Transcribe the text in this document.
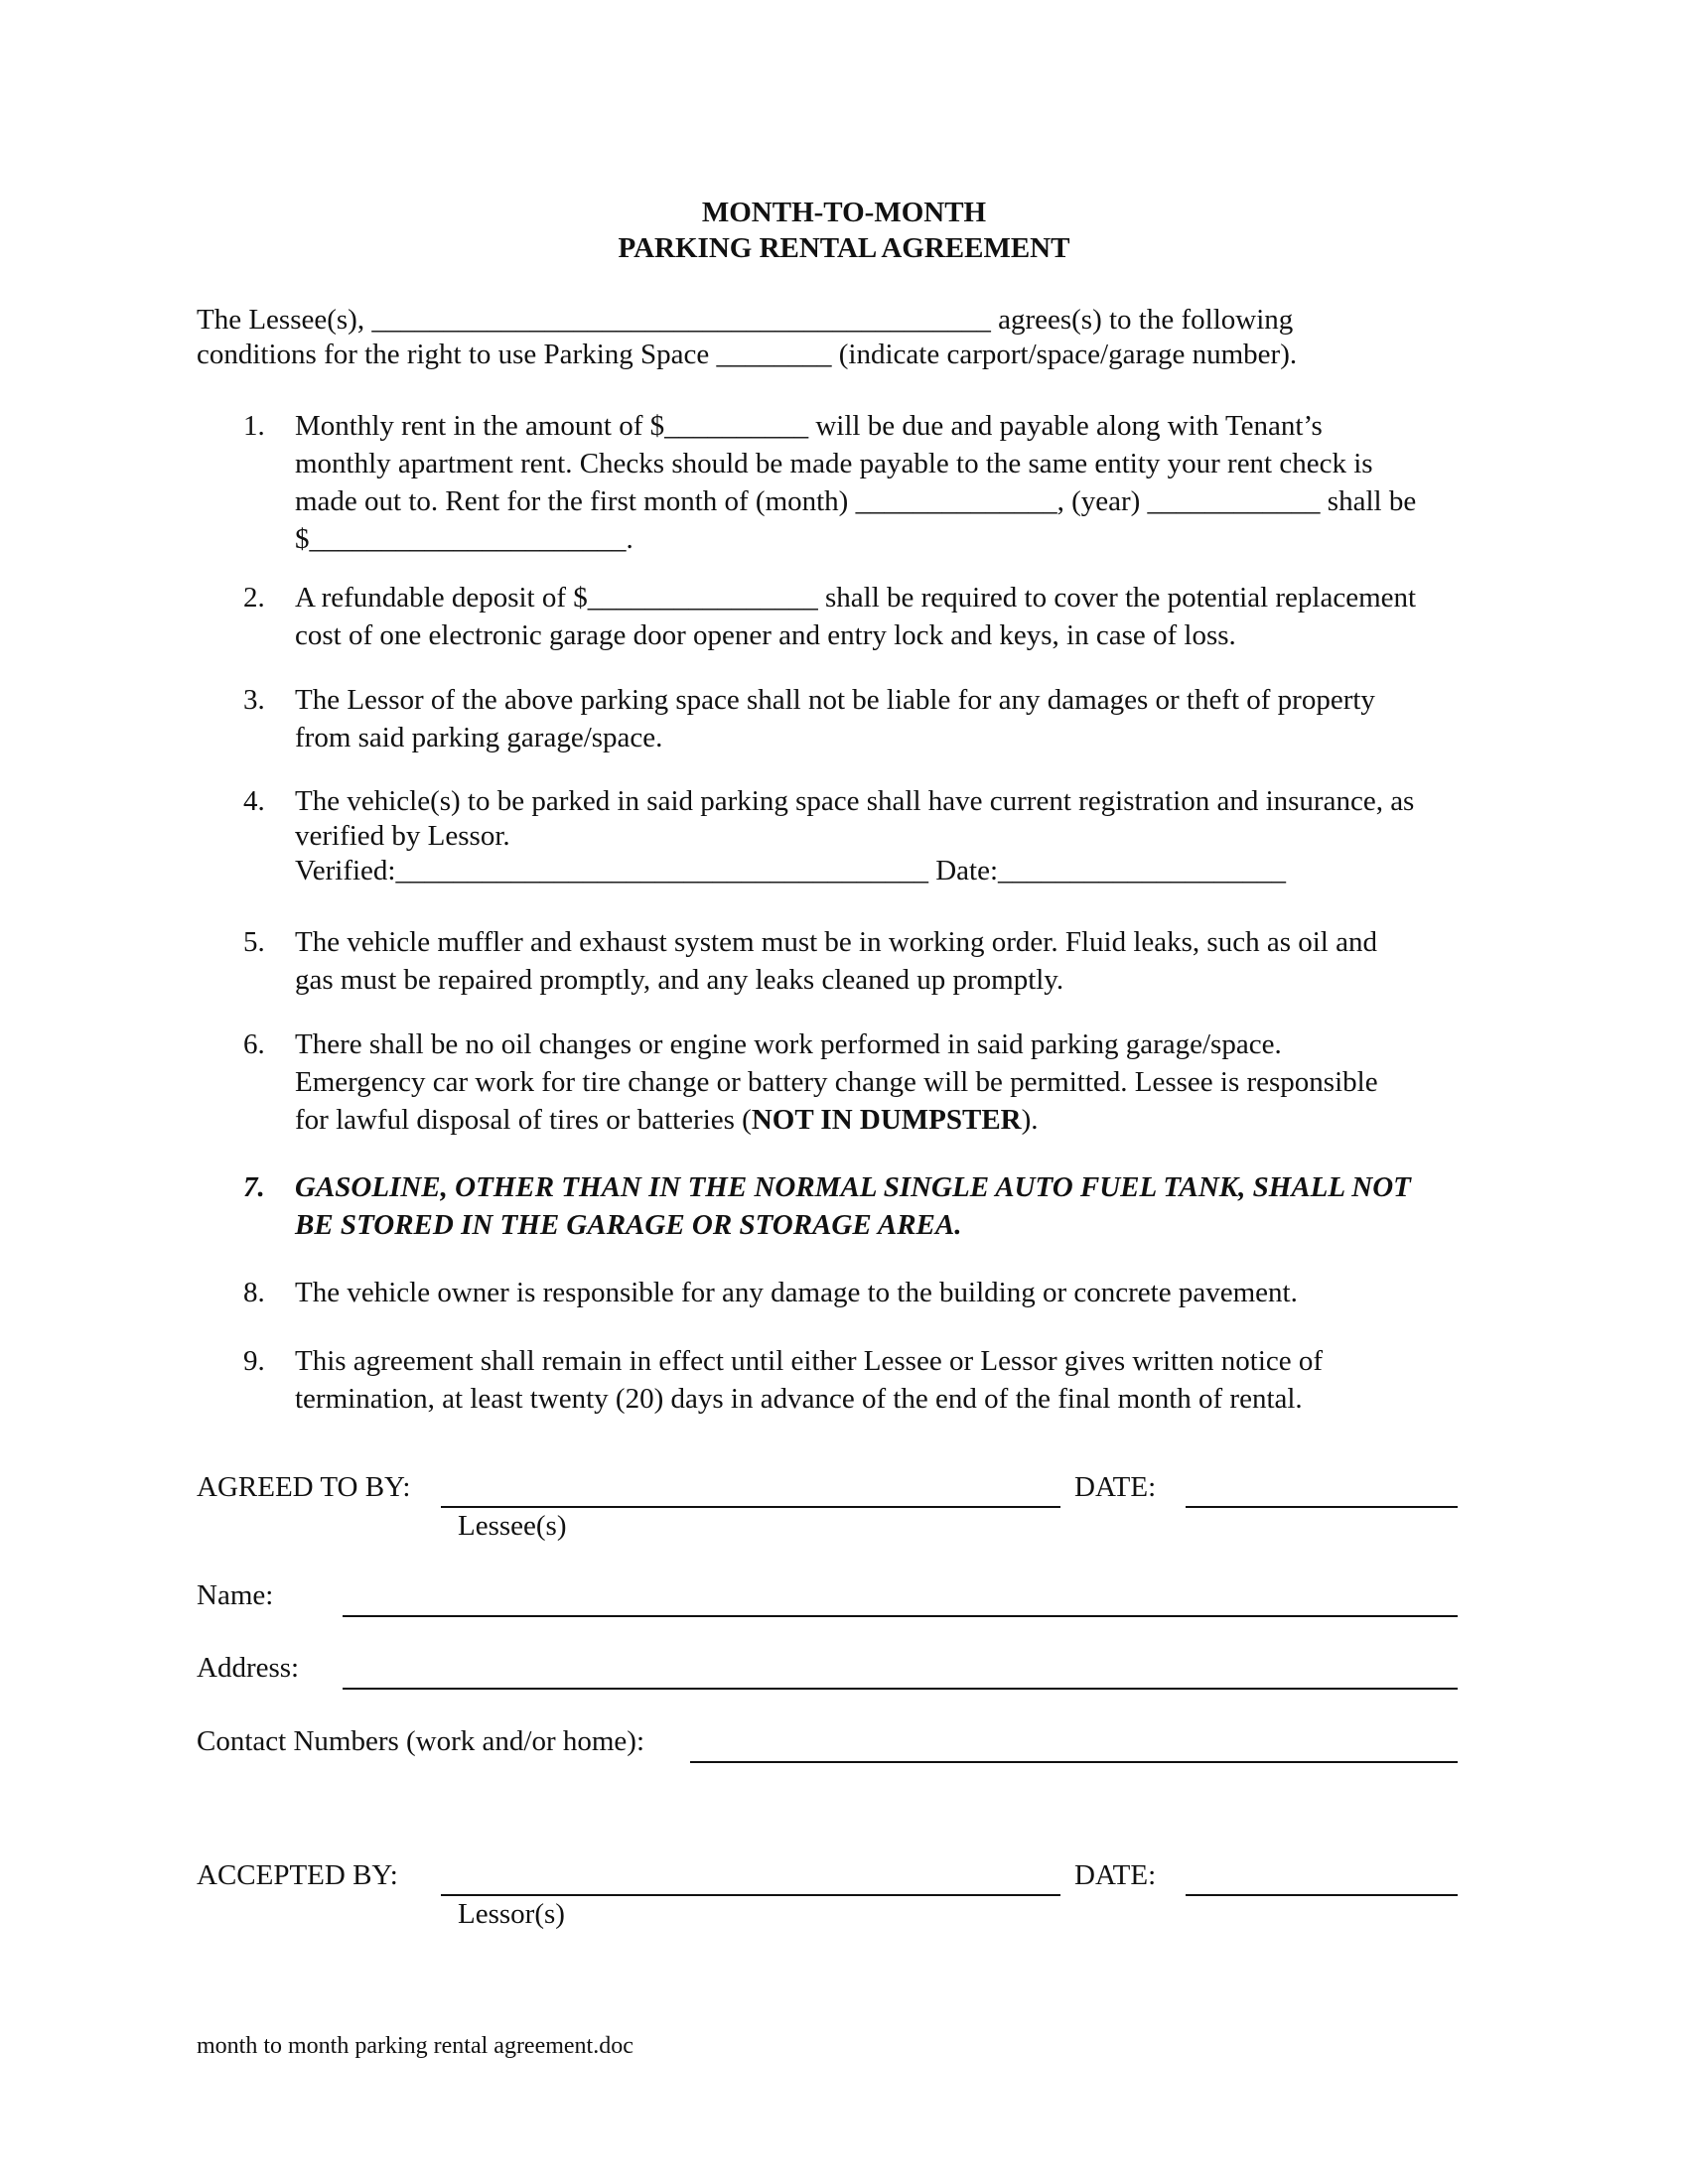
MONTH-TO-MONTH
PARKING RENTAL AGREEMENT
The Lessee(s), ___________________________________________ agrees(s) to the following
conditions for the right to use Parking Space ________ (indicate carport/space/garage number).
1. Monthly rent in the amount of $__________ will be due and payable along with Tenant’s
monthly apartment rent. Checks should be made payable to the same entity your rent check is
made out to. Rent for the first month of (month) ______________, (year) ____________ shall be
$______________________.
2. A refundable deposit of $________________ shall be required to cover the potential replacement
cost of one electronic garage door opener and entry lock and keys, in case of loss.
3. The Lessor of the above parking space shall not be liable for any damages or theft of property
from said parking garage/space.
4. The vehicle(s) to be parked in said parking space shall have current registration and insurance, as
verified by Lessor.
Verified:_____________________________________ Date:____________________
5. The vehicle muffler and exhaust system must be in working order. Fluid leaks, such as oil and
gas must be repaired promptly, and any leaks cleaned up promptly.
6. There shall be no oil changes or engine work performed in said parking garage/space.
Emergency car work for tire change or battery change will be permitted. Lessee is responsible
for lawful disposal of tires or batteries (NOT IN DUMPSTER).
7. GASOLINE, OTHER THAN IN THE NORMAL SINGLE AUTO FUEL TANK, SHALL NOT
BE STORED IN THE GARAGE OR STORAGE AREA.
8. The vehicle owner is responsible for any damage to the building or concrete pavement.
9. This agreement shall remain in effect until either Lessee or Lessor gives written notice of
termination, at least twenty (20) days in advance of the end of the final month of rental.
AGREED TO BY:
Lessee(s)
DATE:
Name:
Address:
Contact Numbers (work and/or home):
ACCEPTED BY:
Lessor(s)
DATE:
month to month parking rental agreement.doc
